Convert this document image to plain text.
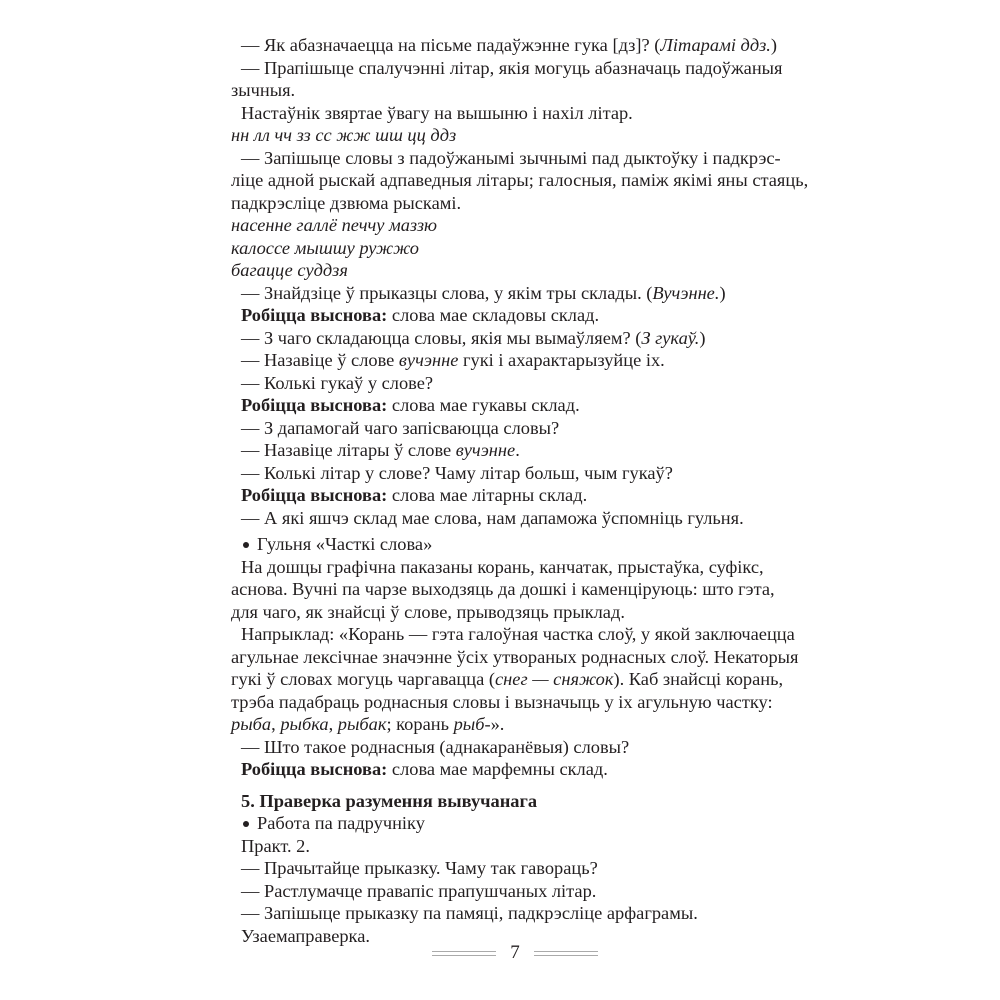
— Як абазначаецца на пісьме падаўжэнне гука [дз]? (Літарамі ддз.)
— Прапішыце спалучэнні літар, якія могуць абазначаць падоўжаныя
зычныя.
Настаўнік звяртае ўвагу на вышыню і нахіл літар.
нн лл чч зз сс жж шш цц ддз
— Запішыце словы з падоўжанымі зычнымі пад дыктоўку і падкрэс-
ліце адной рыскай адпаведныя літары; галосныя, паміж якімі яны стаяць,
падкрэсліце дзвюма рыскамі.
насенне галлё печчу маззю
калоссе мышшу ружжо
багацце суддзя
— Знайдзіце ў прыказцы слова, у якім тры склады. (Вучэнне.)
Робіцца выснова: слова мае складовы склад.
— З чаго складаюцца словы, якія мы вымаўляем? (З гукаў.)
— Назавіце ў слове вучэнне гукі і ахарактарызуйце іх.
— Колькі гукаў у слове?
Робіцца выснова: слова мае гукавы склад.
— З дапамогай чаго запісваюцца словы?
— Назавіце літары ў слове вучэнне.
— Колькі літар у слове? Чаму літар больш, чым гукаў?
Робіцца выснова: слова мае літарны склад.
— А які яшчэ склад мае слова, нам дапаможа ўспомніць гульня.
Гульня «Часткі слова»
На дошцы графічна паказаны корань, канчатак, прыстаўка, суфікс,
аснова. Вучні па чарзе выходзяць да дошкі і каменціруюць: што гэта,
для чаго, як знайсці ў слове, прыводзяць прыклад.
Напрыклад: «Корань — гэта галоўная частка слоў, у якой заключаецца
агульнае лексічнае значэнне ўсіх утвораных роднасных слоў. Некаторыя
гукі ў словах могуць чаргавацца (снег — сняжок). Каб знайсці корань,
трэба падабраць роднасныя словы і вызначыць у іх агульную частку:
рыба, рыбка, рыбак; корань рыб-».
— Што такое роднасныя (аднакаранёвыя) словы?
Робіцца выснова: слова мае марфемны склад.
5. Праверка разумення вывучанага
Работа па падручніку
Практ. 2.
— Прачытайце прыказку. Чаму так гавораць?
— Растлумачце правапіс прапушчаных літар.
— Запішыце прыказку па памяці, падкрэсліце арфаграмы.
Узаемаправерка.
7
